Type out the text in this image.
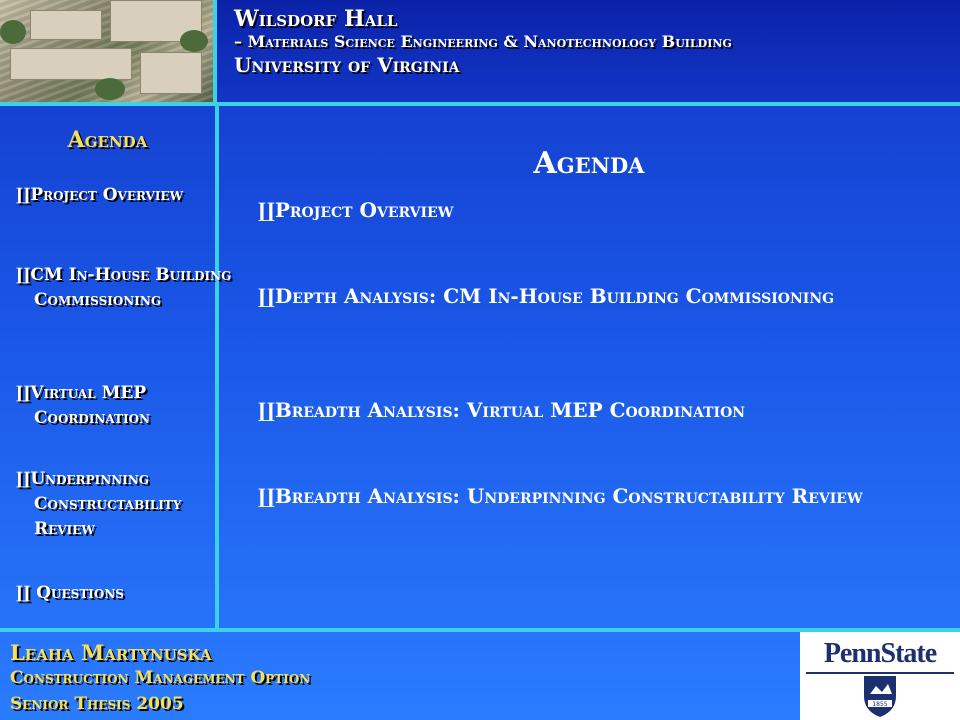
Wilsdorf Hall
– Materials Science Engineering & Nanotechnology Building
University of Virginia
Agenda
∐Project Overview
∐CM In-House Building Commissioning
∐Virtual MEP Coordination
∐Underpinning Constructability Review
∐ Questions
Agenda
∐Project Overview
∐Depth Analysis: CM In-House Building Commissioning
∐Breadth Analysis: Virtual MEP Coordination
∐Breadth Analysis: Underpinning Constructability Review
Leaha Martynuska
Construction Management Option
Senior Thesis 2005
PennState
1855
